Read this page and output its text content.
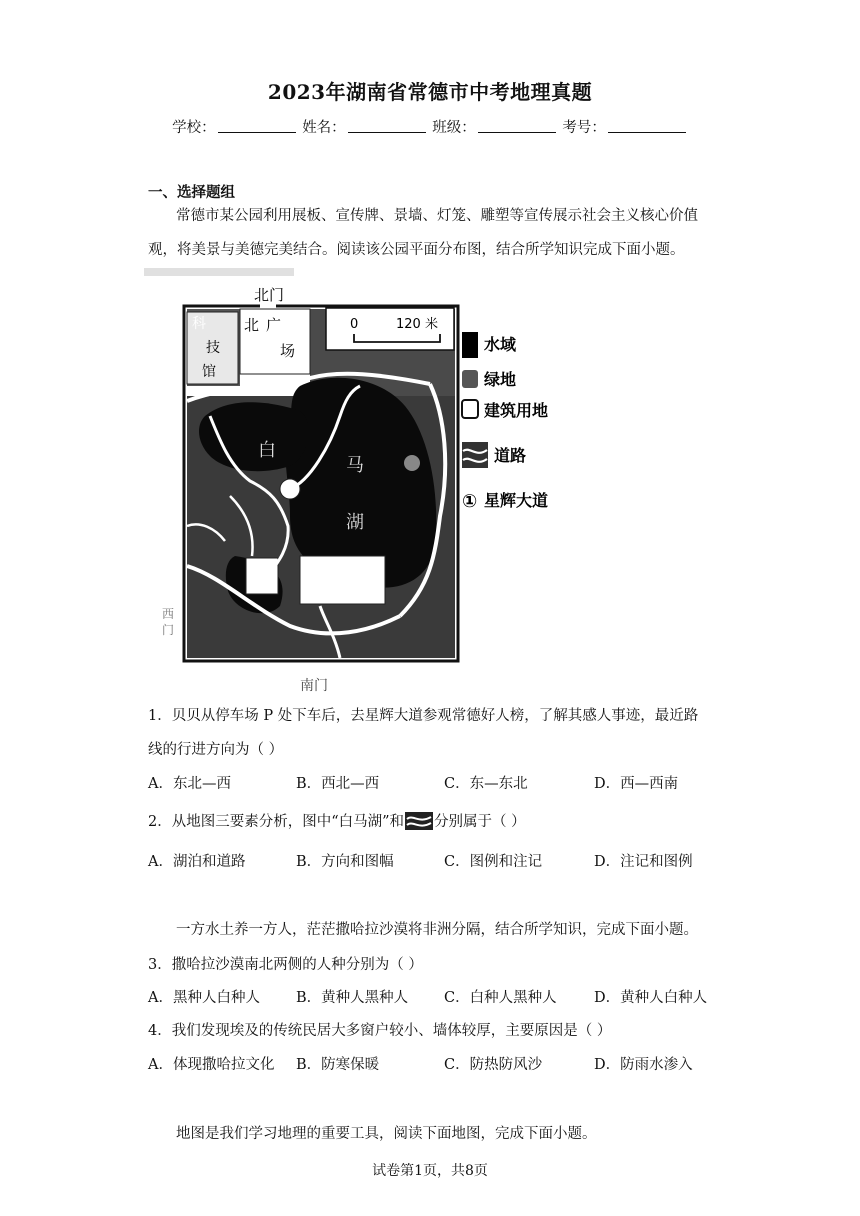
2023年湖南省常德市中考地理真题
学校：	姓名：	班级：	考号：
一、选择题组
常德市某公园利用展板、宣传牌、景墙、灯笼、雕塑等宣传展示社会主义核心价值
观，将美景与美德完美结合。阅读该公园平面分布图，结合所学知识完成下面小题。
北门
北 广
场
科
技
馆
白
马
湖
西
门
南门
0	120 米
水域
绿地
建筑用地
道路
① 星辉大道
1．贝贝从停车场 P 处下车后，去星辉大道参观常德好人榜，了解其感人事迹，最近路
线的行进方向为（ ）
A．东北—西	B．西北—西	C．东—东北	D．西—西南
2．从地图三要素分析，图中“白马湖”和 分别属于（ ）
A．湖泊和道路	B．方向和图幅	C．图例和注记	D．注记和图例
一方水土养一方人，茫茫撒哈拉沙漠将非洲分隔，结合所学知识，完成下面小题。
3．撒哈拉沙漠南北两侧的人种分别为（ ）
A．黑种人白种人 B．黄种人黑种人 C．白种人黑种人	D．黄种人白种人
4．我们发现埃及的传统民居大多窗户较小、墙体较厚，主要原因是（ ）
A．体现撒哈拉文化 B．防寒保暖	C．防热防风沙	D．防雨水渗入
地图是我们学习地理的重要工具，阅读下面地图，完成下面小题。
试卷第1页，共8页
